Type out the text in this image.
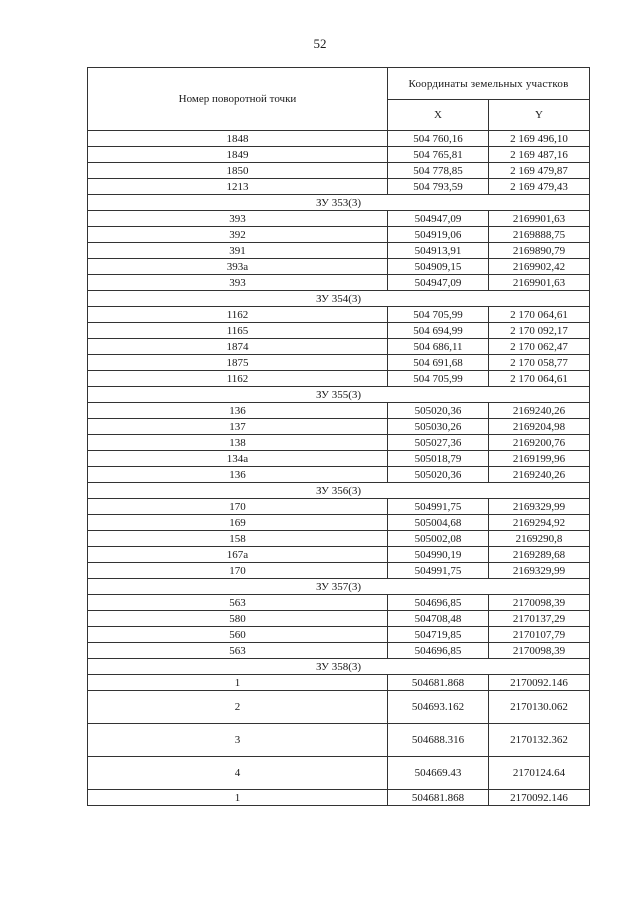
52
Номер поворотной точки	Координаты земельных участков	
	X	Y
1848	504 760,16	2 169 496,10
1849	504 765,81	2 169 487,16
1850	504 778,85	2 169 479,87
1213	504 793,59	2 169 479,43
ЗУ 353(3)		
393	504947,09	2169901,63
392	504919,06	2169888,75
391	504913,91	2169890,79
393а	504909,15	2169902,42
393	504947,09	2169901,63
ЗУ 354(3)		
1162	504 705,99	2 170 064,61
1165	504 694,99	2 170 092,17
1874	504 686,11	2 170 062,47
1875	504 691,68	2 170 058,77
1162	504 705,99	2 170 064,61
ЗУ 355(3)		
136	505020,36	2169240,26
137	505030,26	2169204,98
138	505027,36	2169200,76
134а	505018,79	2169199,96
136	505020,36	2169240,26
ЗУ 356(3)		
170	504991,75	2169329,99
169	505004,68	2169294,92
158	505002,08	2169290,8
167а	504990,19	2169289,68
170	504991,75	2169329,99
ЗУ 357(3)		
563	504696,85	2170098,39
580	504708,48	2170137,29
560	504719,85	2170107,79
563	504696,85	2170098,39
ЗУ 358(3)		
1	504681.868	2170092.146
2	504693.162	2170130.062
3	504688.316	2170132.362
4	504669.43	2170124.64
1	504681.868	2170092.146
